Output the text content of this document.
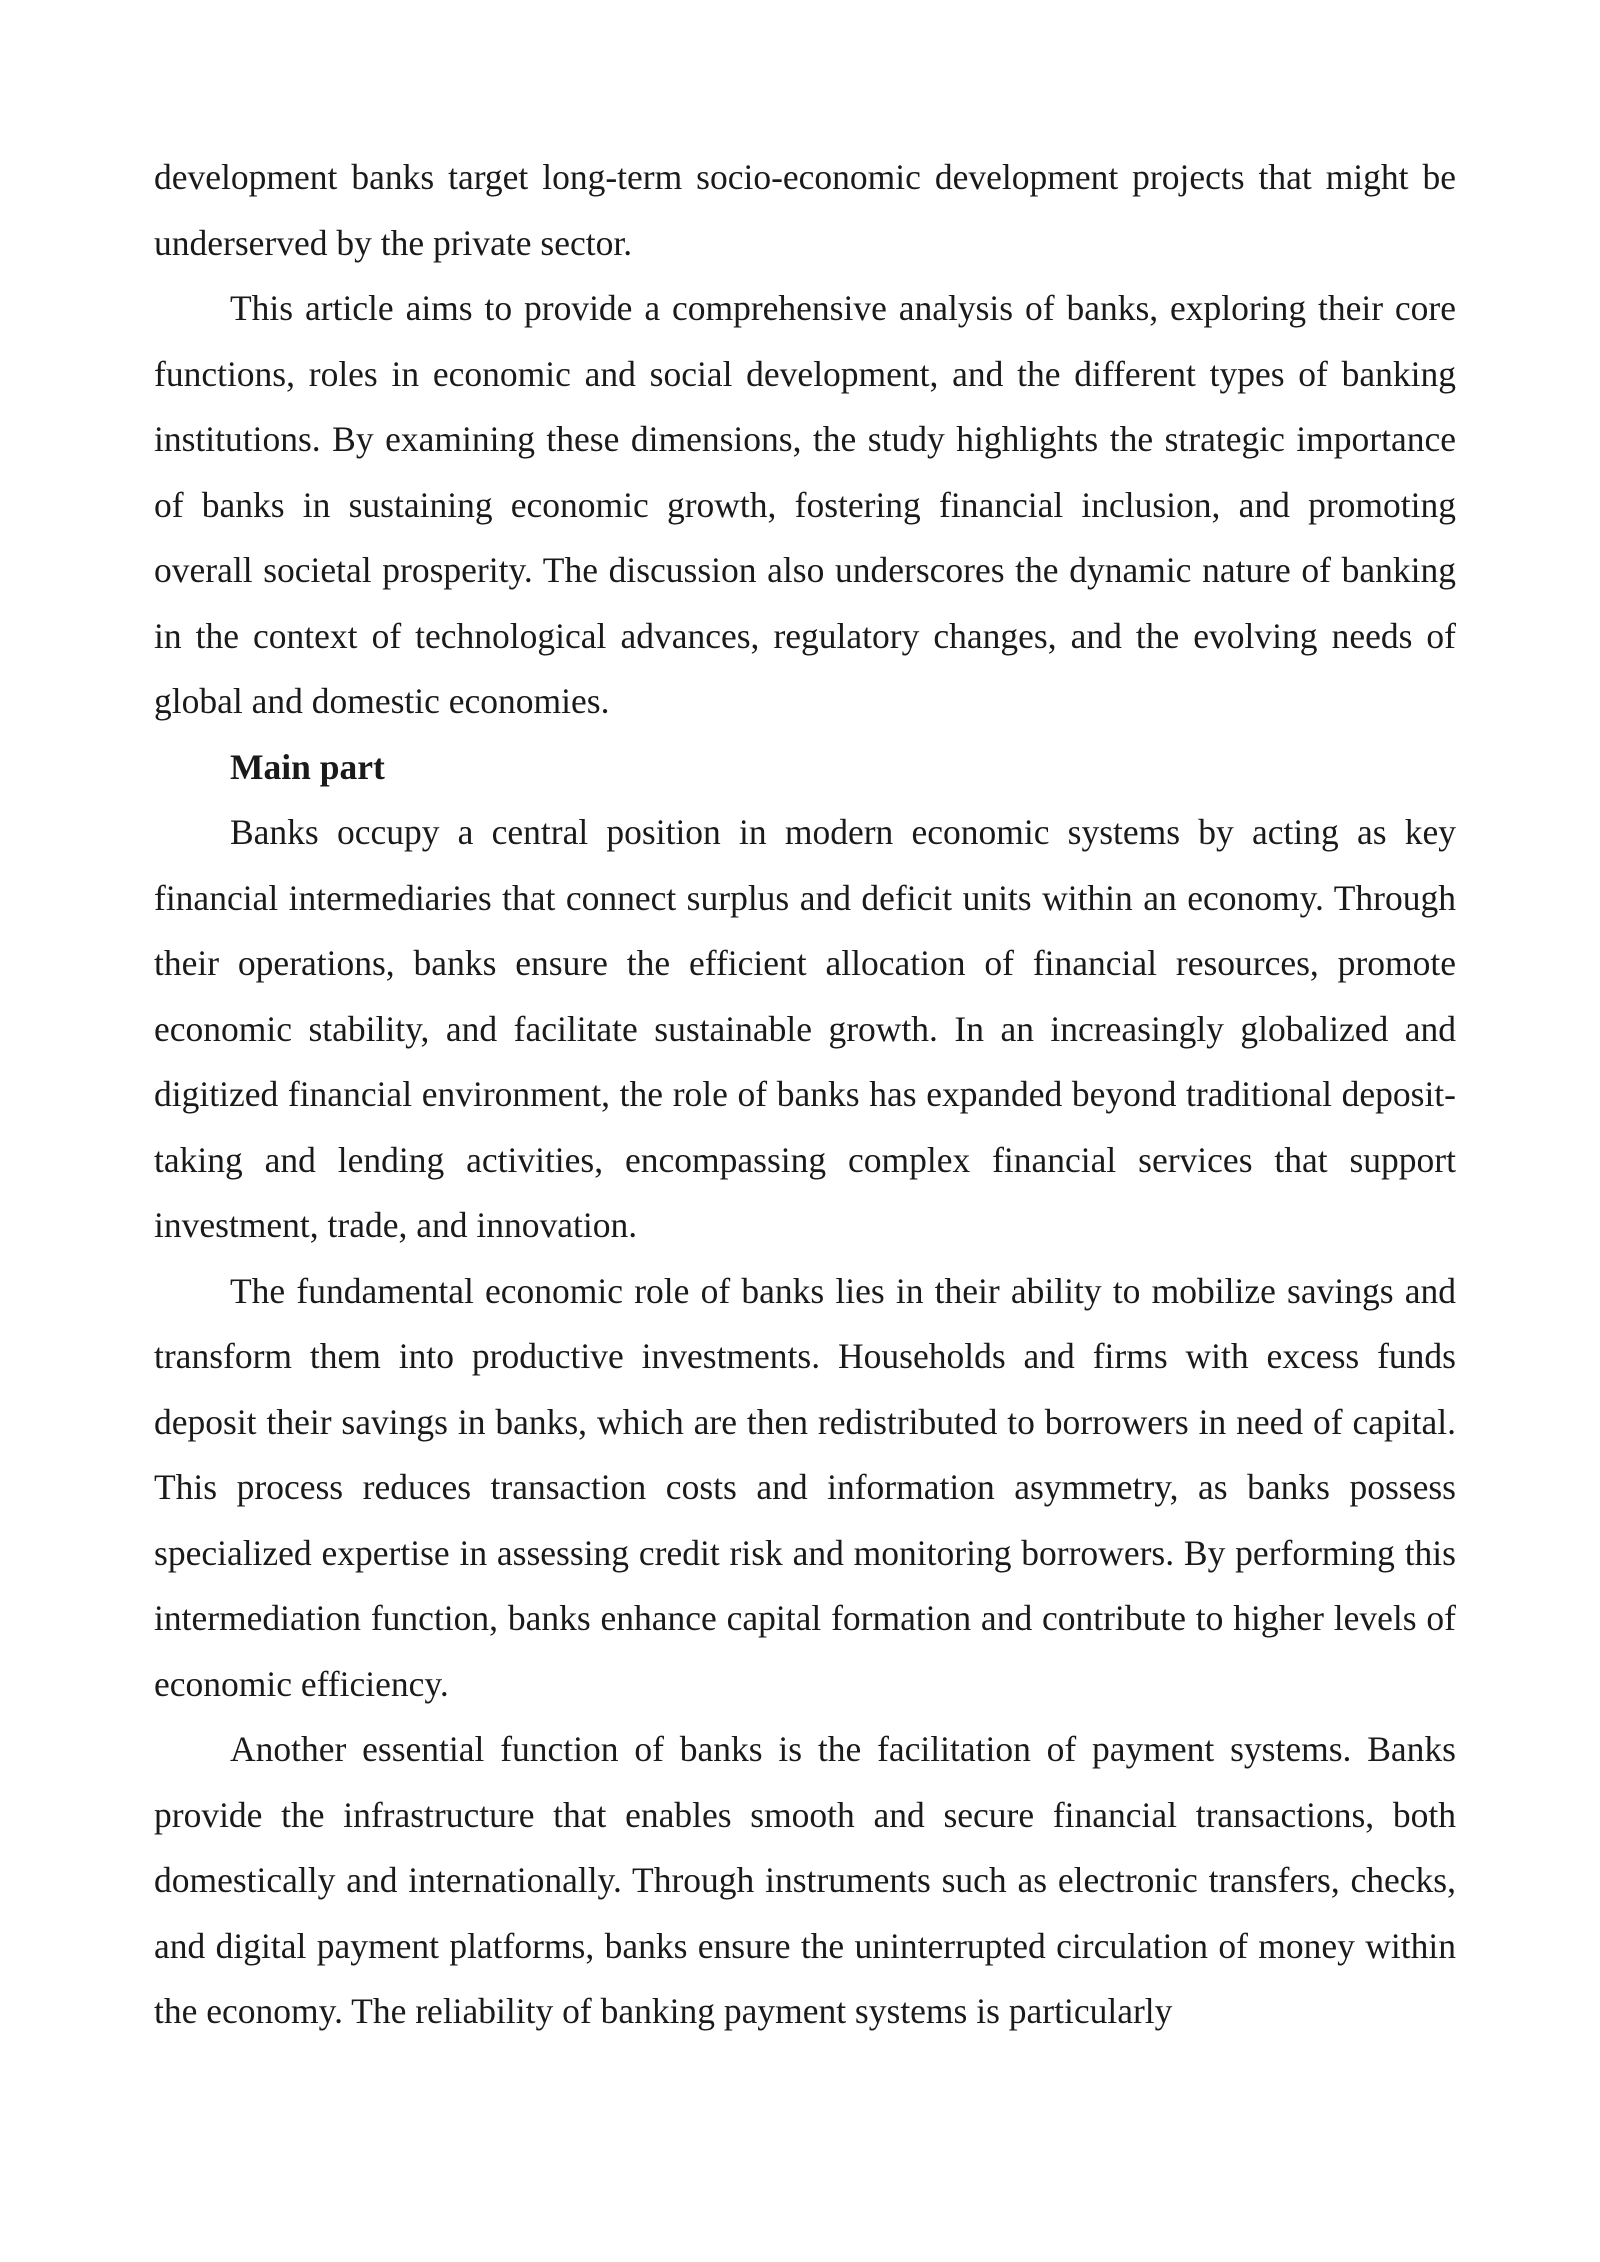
development banks target long-term socio-economic development projects that might be underserved by the private sector.

This article aims to provide a comprehensive analysis of banks, exploring their core functions, roles in economic and social development, and the different types of banking institutions. By examining these dimensions, the study highlights the strategic importance of banks in sustaining economic growth, fostering financial inclusion, and promoting overall societal prosperity. The discussion also underscores the dynamic nature of banking in the context of technological advances, regulatory changes, and the evolving needs of global and domestic economies.

Main part

Banks occupy a central position in modern economic systems by acting as key financial intermediaries that connect surplus and deficit units within an economy. Through their operations, banks ensure the efficient allocation of financial resources, promote economic stability, and facilitate sustainable growth. In an increasingly globalized and digitized financial environment, the role of banks has expanded beyond traditional deposit-taking and lending activities, encompassing complex financial services that support investment, trade, and innovation.

The fundamental economic role of banks lies in their ability to mobilize savings and transform them into productive investments. Households and firms with excess funds deposit their savings in banks, which are then redistributed to borrowers in need of capital. This process reduces transaction costs and information asymmetry, as banks possess specialized expertise in assessing credit risk and monitoring borrowers. By performing this intermediation function, banks enhance capital formation and contribute to higher levels of economic efficiency.

Another essential function of banks is the facilitation of payment systems. Banks provide the infrastructure that enables smooth and secure financial transactions, both domestically and internationally. Through instruments such as electronic transfers, checks, and digital payment platforms, banks ensure the uninterrupted circulation of money within the economy. The reliability of banking payment systems is particularly
